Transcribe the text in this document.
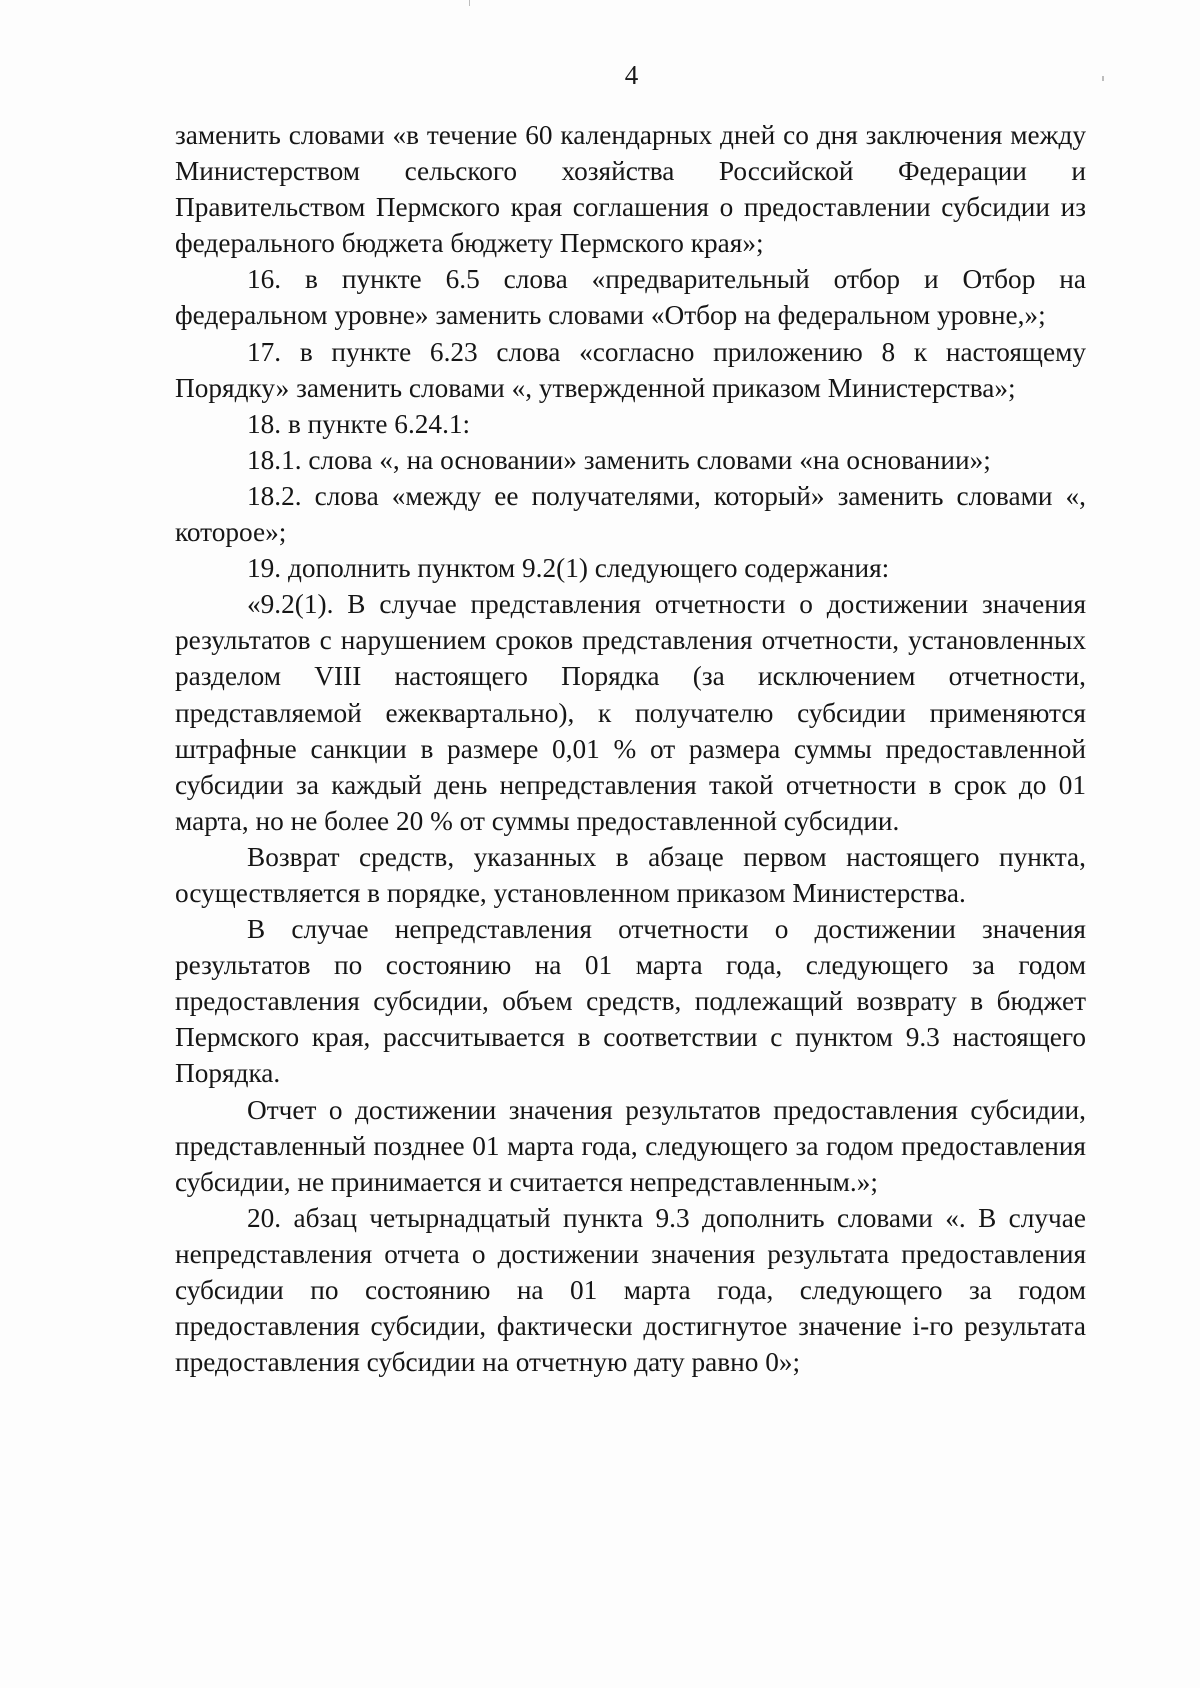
4

заменить словами «в течение 60 календарных дней со дня заключения между Министерством сельского хозяйства Российской Федерации и Правительством Пермского края соглашения о предоставлении субсидии из федерального бюджета бюджету Пермского края»;

16. в пункте 6.5 слова «предварительный отбор и Отбор на федеральном уровне» заменить словами «Отбор на федеральном уровне,»;

17. в пункте 6.23 слова «согласно приложению 8 к настоящему Порядку» заменить словами «, утвержденной приказом Министерства»;

18. в пункте 6.24.1:

18.1. слова «, на основании» заменить словами «на основании»;

18.2. слова «между ее получателями, который» заменить словами «, которое»;

19. дополнить пунктом 9.2(1) следующего содержания:

«9.2(1). В случае представления отчетности о достижении значения результатов с нарушением сроков представления отчетности, установленных разделом VIII настоящего Порядка (за исключением отчетности, представляемой ежеквартально), к получателю субсидии применяются штрафные санкции в размере 0,01 % от размера суммы предоставленной субсидии за каждый день непредставления такой отчетности в срок до 01 марта, но не более 20 % от суммы предоставленной субсидии.

Возврат средств, указанных в абзаце первом настоящего пункта, осуществляется в порядке, установленном приказом Министерства.

В случае непредставления отчетности о достижении значения результатов по состоянию на 01 марта года, следующего за годом предоставления субсидии, объем средств, подлежащий возврату в бюджет Пермского края, рассчитывается в соответствии с пунктом 9.3 настоящего Порядка.

Отчет о достижении значения результатов предоставления субсидии, представленный позднее 01 марта года, следующего за годом предоставления субсидии, не принимается и считается непредставленным.»;

20. абзац четырнадцатый пункта 9.3 дополнить словами «. В случае непредставления отчета о достижении значения результата предоставления субсидии по состоянию на 01 марта года, следующего за годом предоставления субсидии, фактически достигнутое значение i-го результата предоставления субсидии на отчетную дату равно 0»;
